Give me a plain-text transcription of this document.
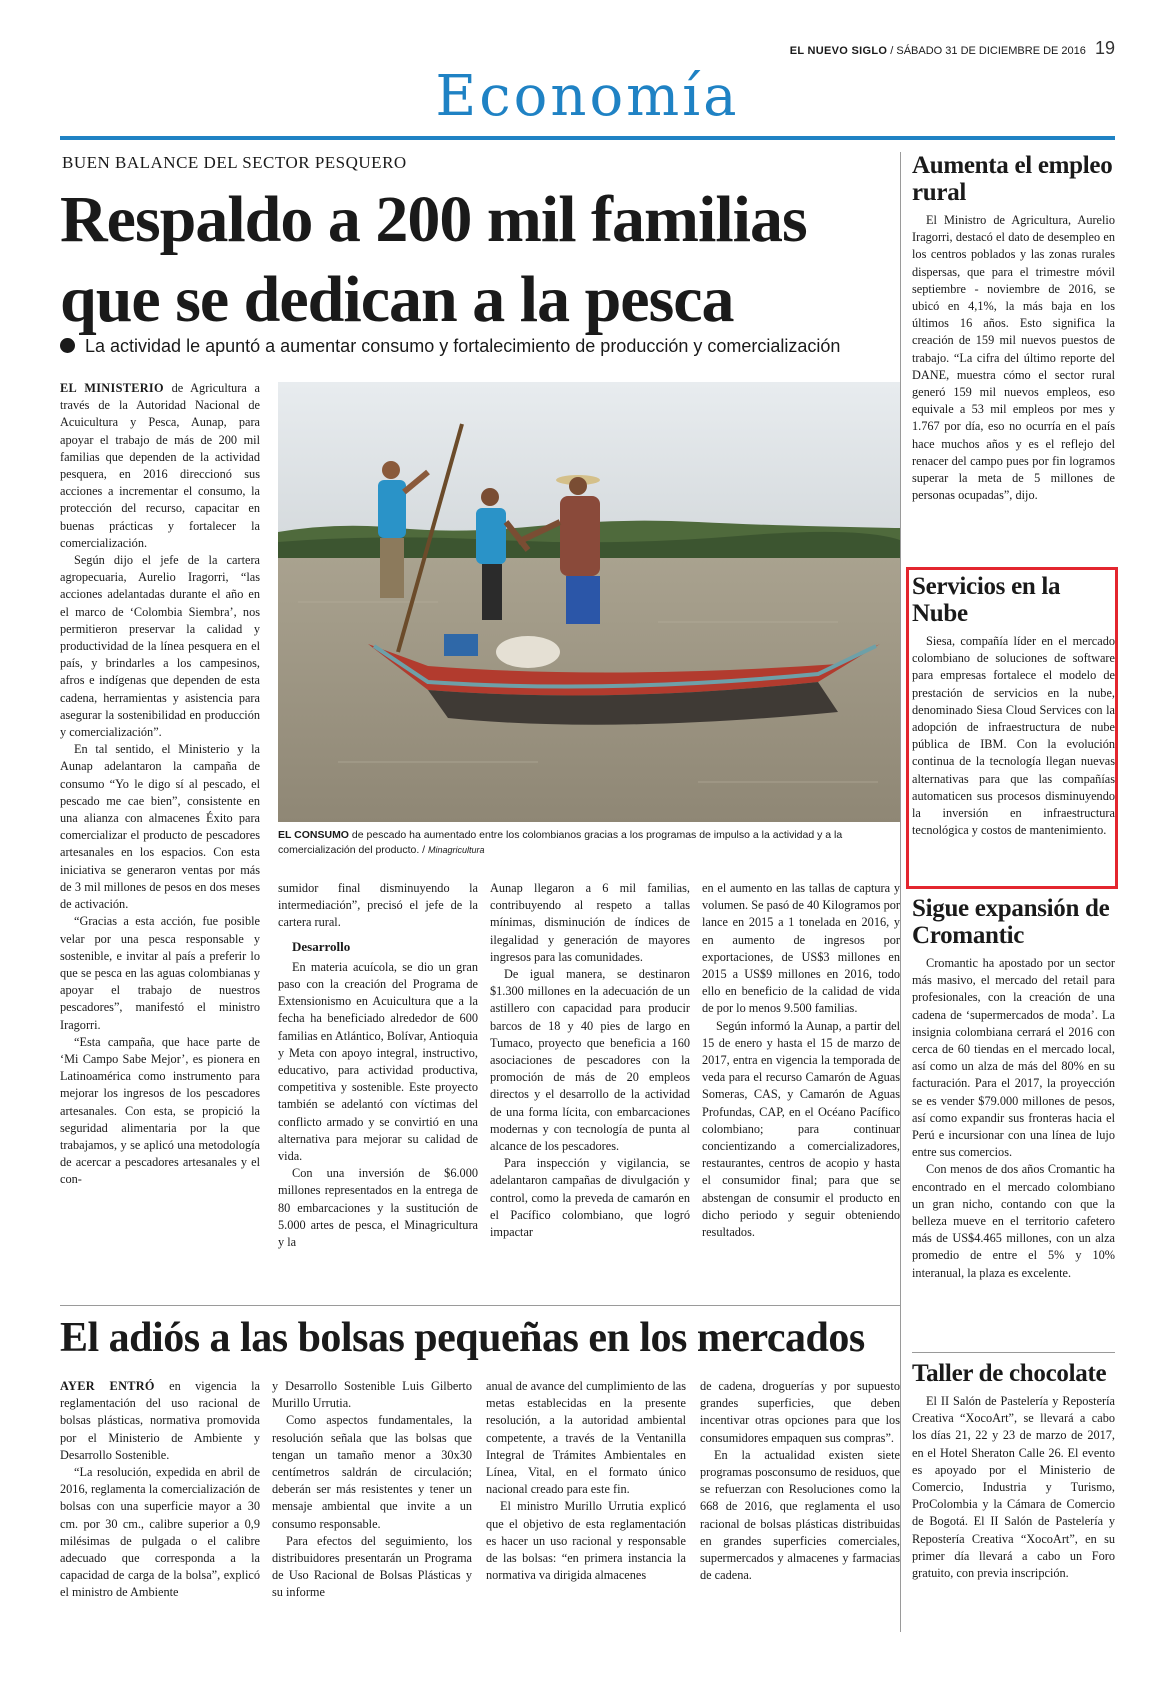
EL NUEVO SIGLO / SÁBADO 31 DE DICIEMBRE DE 2016 19
Economía
BUEN BALANCE DEL SECTOR PESQUERO
Respaldo a 200 mil familias que se dedican a la pesca
La actividad le apuntó a aumentar consumo y fortalecimiento de producción y comercialización
EL CONSUMO de pescado ha aumentado entre los colombianos gracias a los programas de impulso a la actividad y a la comercialización del producto. / Minagricultura

EL MINISTERIO de Agricultura a través de la Autoridad Nacional de Acuicultura y Pesca, Aunap, para apoyar el trabajo de más de 200 mil familias que dependen de la actividad pesquera, en 2016 direccionó sus acciones a incrementar el consumo, la protección del recurso, capacitar en buenas prácticas y fortalecer la comercialización.

Según dijo el jefe de la cartera agropecuaria, Aurelio Iragorri, “las acciones adelantadas durante el año en el marco de ‘Colombia Siembra’, nos permitieron preservar la calidad y productividad de la línea pesquera en el país, y brindarles a los campesinos, afros e indígenas que dependen de esta cadena, herramientas y asistencia para asegurar la sostenibilidad en producción y comercialización”.

En tal sentido, el Ministerio y la Aunap adelantaron la campaña de consumo “Yo le digo sí al pescado, el pescado me cae bien”, consistente en una alianza con almacenes Éxito para comercializar el producto de pescadores artesanales en los espacios. Con esta iniciativa se generaron ventas por más de 3 mil millones de pesos en dos meses de activación.

“Gracias a esta acción, fue posible velar por una pesca responsable y sostenible, e invitar al país a preferir lo que se pesca en las aguas colombianas y apoyar el trabajo de nuestros pescadores”, manifestó el ministro Iragorri.

“Esta campaña, que hace parte de ‘Mi Campo Sabe Mejor’, es pionera en Latinoamérica como instrumento para mejorar los ingresos de los pescadores artesanales. Con esta, se propició la seguridad alimentaria por la que trabajamos, y se aplicó una metodología de acercar a pescadores artesanales y el con-

sumidor final disminuyendo la intermediación”, precisó el jefe de la cartera rural.

Desarrollo

En materia acuícola, se dio un gran paso con la creación del Programa de Extensionismo en Acuicultura que a la fecha ha beneficiado alrededor de 600 familias en Atlántico, Bolívar, Antioquia y Meta con apoyo integral, instructivo, educativo, para actividad productiva, competitiva y sostenible. Este proyecto también se adelantó con víctimas del conflicto armado y se convirtió en una alternativa para mejorar su calidad de vida.

Con una inversión de $6.000 millones representados en la entrega de 80 embarcaciones y la sustitución de 5.000 artes de pesca, el Minagricultura y la

Aunap llegaron a 6 mil familias, contribuyendo al respeto a tallas mínimas, disminución de índices de ilegalidad y generación de mayores ingresos para las comunidades.

De igual manera, se destinaron $1.300 millones en la adecuación de un astillero con capacidad para producir barcos de 18 y 40 pies de largo en Tumaco, proyecto que beneficia a 160 asociaciones de pescadores con la promoción de más de 20 empleos directos y el desarrollo de la actividad de una forma lícita, con embarcaciones modernas y con tecnología de punta al alcance de los pescadores.

Para inspección y vigilancia, se adelantaron campañas de divulgación y control, como la preveda de camarón en el Pacífico colombiano, que logró impactar

en el aumento en las tallas de captura y volumen. Se pasó de 40 Kilogramos por lance en 2015 a 1 tonelada en 2016, y en aumento de ingresos por exportaciones, de US$3 millones en 2015 a US$9 millones en 2016, todo ello en beneficio de la calidad de vida de por lo menos 9.500 familias.

Según informó la Aunap, a partir del 15 de enero y hasta el 15 de marzo de 2017, entra en vigencia la temporada de veda para el recurso Camarón de Aguas Someras, CAS, y Camarón de Aguas Profundas, CAP, en el Océano Pacífico colombiano; para continuar concientizando a comercializadores, restaurantes, centros de acopio y hasta el consumidor final; para que se abstengan de consumir el producto en dicho periodo y seguir obteniendo resultados.

El adiós a las bolsas pequeñas en los mercados

AYER ENTRÓ en vigencia la reglamentación del uso racional de bolsas plásticas, normativa promovida por el Ministerio de Ambiente y Desarrollo Sostenible.

“La resolución, expedida en abril de 2016, reglamenta la comercialización de bolsas con una superficie mayor a 30 cm. por 30 cm., calibre superior a 0,9 milésimas de pulgada o el calibre adecuado que corresponda a la capacidad de carga de la bolsa”, explicó el ministro de Ambiente

y Desarrollo Sostenible Luis Gilberto Murillo Urrutia.

Como aspectos fundamentales, la resolución señala que las bolsas que tengan un tamaño menor a 30x30 centímetros saldrán de circulación; deberán ser más resistentes y tener un mensaje ambiental que invite a un consumo responsable.

Para efectos del seguimiento, los distribuidores presentarán un Programa de Uso Racional de Bolsas Plásticas y su informe

anual de avance del cumplimiento de las metas establecidas en la presente resolución, a la autoridad ambiental competente, a través de la Ventanilla Integral de Trámites Ambientales en Línea, Vital, en el formato único nacional creado para este fin.

El ministro Murillo Urrutia explicó que el objetivo de esta reglamentación es hacer un uso racional y responsable de las bolsas: “en primera instancia la normativa va dirigida almacenes

de cadena, droguerías y por supuesto grandes superficies, que deben incentivar otras opciones para que los consumidores empaquen sus compras”.

En la actualidad existen siete programas posconsumo de residuos, que se refuerzan con Resoluciones como la 668 de 2016, que reglamenta el uso racional de bolsas plásticas distribuidas en grandes superficies comerciales, supermercados y almacenes y farmacias de cadena.

Aumenta el empleo rural

El Ministro de Agricultura, Aurelio Iragorri, destacó el dato de desempleo en los centros poblados y las zonas rurales dispersas, que para el trimestre móvil septiembre - noviembre de 2016, se ubicó en 4,1%, la más baja en los últimos 16 años. Esto significa la creación de 159 mil nuevos puestos de trabajo. “La cifra del último reporte del DANE, muestra cómo el sector rural generó 159 mil nuevos empleos, eso equivale a 53 mil empleos por mes y 1.767 por día, eso no ocurría en el país hace muchos años y es el reflejo del renacer del campo pues por fin logramos superar la meta de 5 millones de personas ocupadas”, dijo.

Servicios en la Nube

Siesa, compañía líder en el mercado colombiano de soluciones de software para empresas fortalece el modelo de prestación de servicios en la nube, denominado Siesa Cloud Services con la adopción de infraestructura de nube pública de IBM. Con la evolución continua de la tecnología llegan nuevas alternativas para que las compañías automaticen sus procesos disminuyendo la inversión en infraestructura tecnológica y costos de mantenimiento.

Sigue expansión de Cromantic

Cromantic ha apostado por un sector más masivo, el mercado del retail para profesionales, con la creación de una cadena de ‘supermercados de moda’. La insignia colombiana cerrará el 2016 con cerca de 60 tiendas en el mercado local, así como un alza de más del 80% en su facturación. Para el 2017, la proyección se es vender $79.000 millones de pesos, así como expandir sus fronteras hacia el Perú e incursionar con una línea de lujo entre sus comercios.

Con menos de dos años Cromantic ha encontrado en el mercado colombiano un gran nicho, contando con que la belleza mueve en el territorio cafetero más de US$4.465 millones, con un alza promedio de entre el 5% y 10% interanual, la plaza es excelente.

Taller de chocolate

El II Salón de Pastelería y Repostería Creativa “XocoArt”, se llevará a cabo los días 21, 22 y 23 de marzo de 2017, en el Hotel Sheraton Calle 26. El evento es apoyado por el Ministerio de Comercio, Industria y Turismo, ProColombia y la Cámara de Comercio de Bogotá. El II Salón de Pastelería y Repostería Creativa “XocoArt”, en su primer día llevará a cabo un Foro gratuito, con previa inscripción.
